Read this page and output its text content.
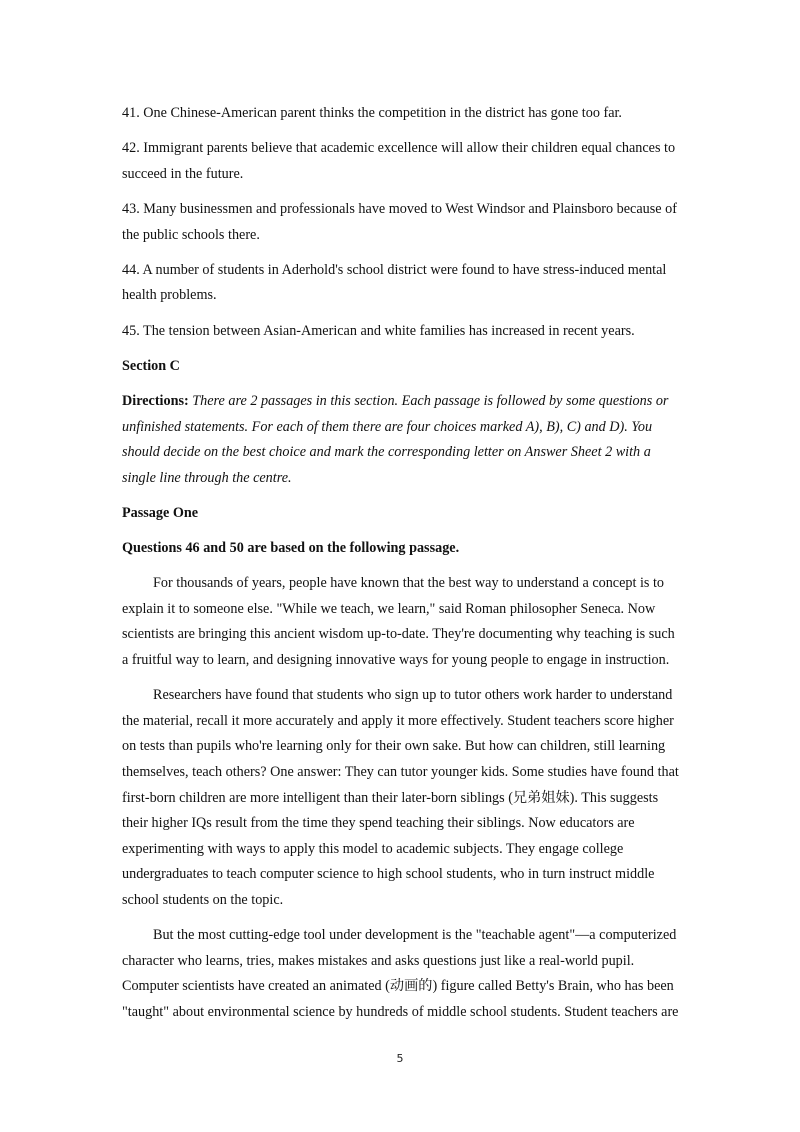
41. One Chinese-American parent thinks the competition in the district has gone too far.

42. Immigrant parents believe that academic excellence will allow their children equal chances to succeed in the future.

43. Many businessmen and professionals have moved to West Windsor and Plainsboro because of the public schools there.

44. A number of students in Aderhold's school district were found to have stress-induced mental health problems.

45. The tension between Asian-American and white families has increased in recent years.

Section C

Directions: There are 2 passages in this section. Each passage is followed by some questions or unfinished statements. For each of them there are four choices marked A), B), C) and D). You should decide on the best choice and mark the corresponding letter on Answer Sheet 2 with a single line through the centre.

Passage One

Questions 46 and 50 are based on the following passage.

For thousands of years, people have known that the best way to understand a concept is to explain it to someone else. "While we teach, we learn," said Roman philosopher Seneca. Now scientists are bringing this ancient wisdom up-to-date. They're documenting why teaching is such a fruitful way to learn, and designing innovative ways for young people to engage in instruction.

Researchers have found that students who sign up to tutor others work harder to understand the material, recall it more accurately and apply it more effectively. Student teachers score higher on tests than pupils who're learning only for their own sake. But how can children, still learning themselves, teach others? One answer: They can tutor younger kids. Some studies have found that first-born children are more intelligent than their later-born siblings (兄弟姐妹). This suggests their higher IQs result from the time they spend teaching their siblings. Now educators are experimenting with ways to apply this model to academic subjects. They engage college undergraduates to teach computer science to high school students, who in turn instruct middle school students on the topic.

But the most cutting-edge tool under development is the "teachable agent"—a computerized character who learns, tries, makes mistakes and asks questions just like a real-world pupil. Computer scientists have created an animated (动画的) figure called Betty's Brain, who has been "taught" about environmental science by hundreds of middle school students. Student teachers are

5
